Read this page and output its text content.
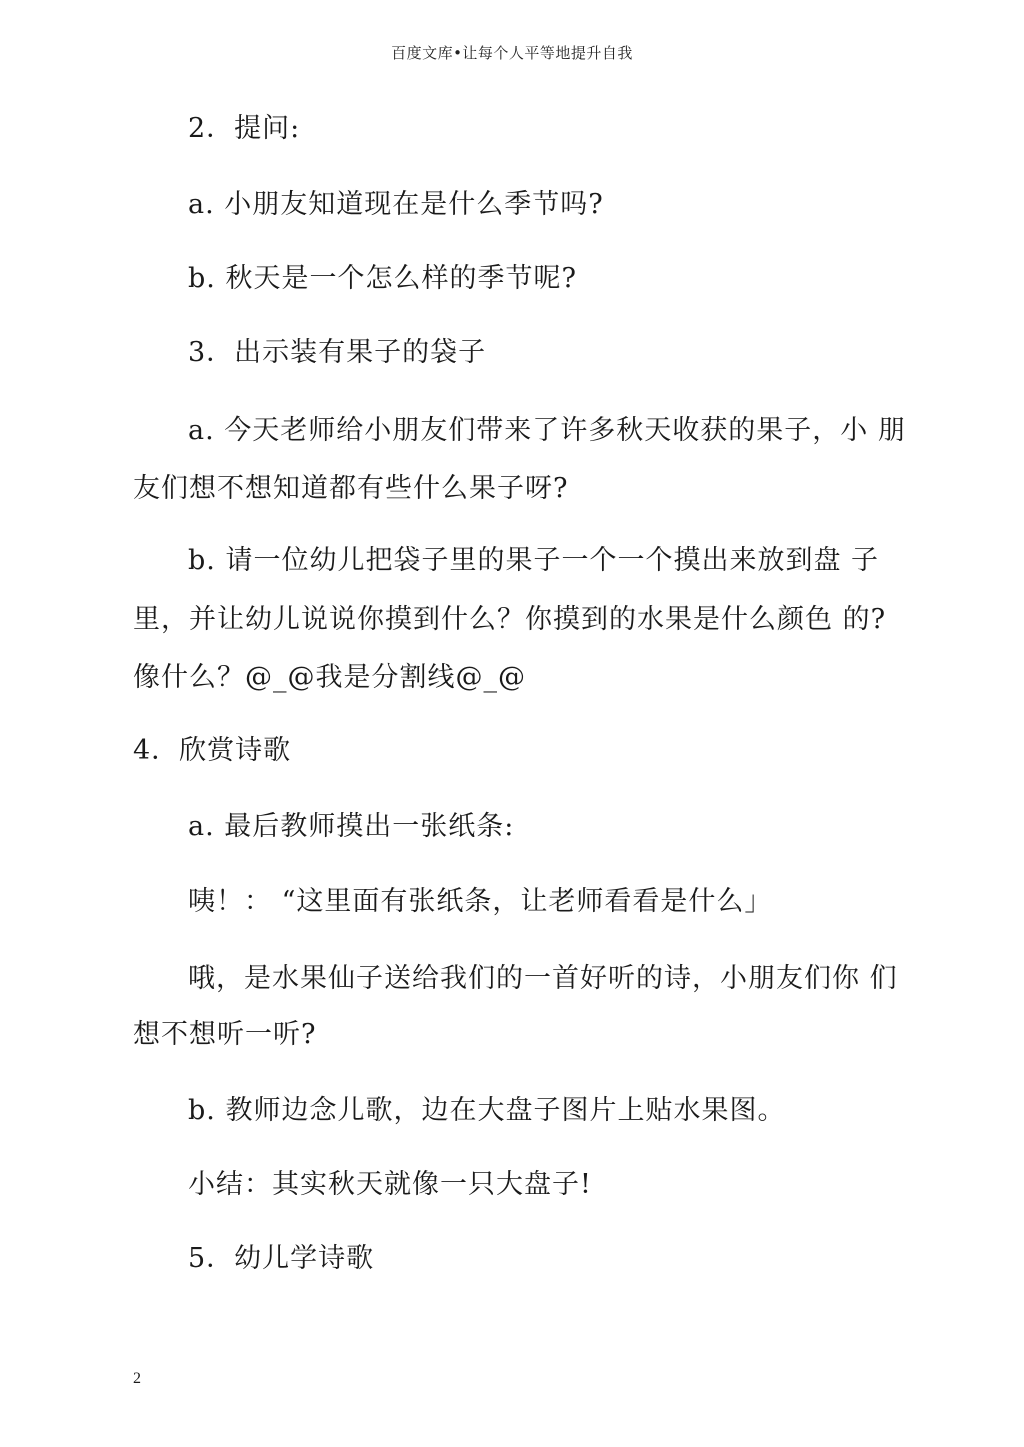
百度文库•让每个人平等地提升自我
2．提问:
a. 小朋友知道现在是什么季节吗?
b. 秋天是一个怎么样的季节呢?
3．出示装有果子的袋子
a. 今天老师给小朋友们带来了许多秋天收获的果子，小 朋
友们想不想知道都有些什么果子呀?
b. 请一位幼儿把袋子里的果子一个一个摸出来放到盘 子
里，并让幼儿说说你摸到什么？你摸到的水果是什么颜色 的?
像什么？@_@我是分割线@_@
4．欣赏诗歌
a. 最后教师摸出一张纸条:
咦！： “这里面有张纸条，让老师看看是什么」
哦，是水果仙子送给我们的一首好听的诗，小朋友们你 们
想不想听一听?
b. 教师边念儿歌，边在大盘子图片上贴水果图。
小结：其实秋天就像一只大盘子!
5．幼儿学诗歌
2
